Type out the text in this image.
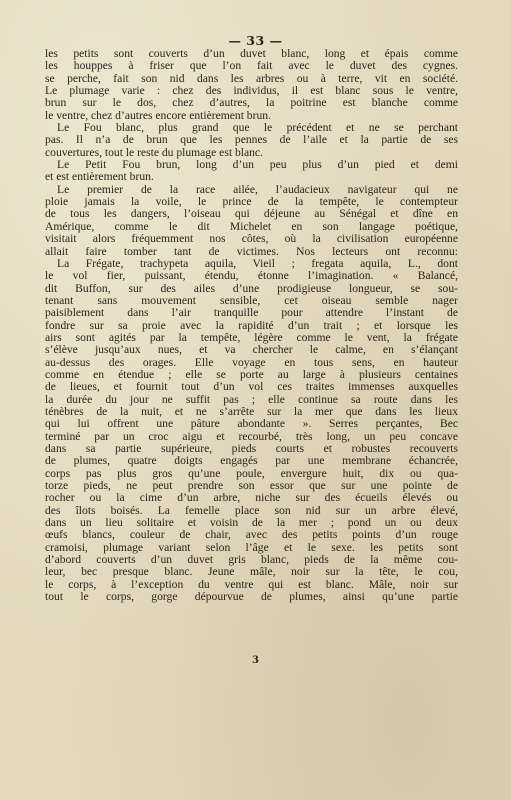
— 33 —
les petits sont couverts d’un duvet blanc, long et épais comme
les houppes à friser que l’on fait avec le duvet des cygnes.
se perche, fait son nid dans les arbres ou à terre, vit en société.
Le plumage varie : chez des individus, il est blanc sous le ventre,
brun sur le dos, chez d’autres, la poitrine est blanche comme
le ventre, chez d’autres encore entièrement brun.
Le Fou blanc, plus grand que le précédent et ne se perchant
pas. Il n’a de brun que les pennes de l’aile et la partie de ses
couvertures, tout le reste du plumage est blanc.
Le Petit Fou brun, long d’un peu plus d’un pied et demi
et est entièrement brun.
Le premier de la race ailée, l’audacieux navigateur qui ne
ploie jamais la voile, le prince de la tempête, le contempteur
de tous les dangers, l’oiseau qui déjeune au Sénégal et dîne en
Amérique, comme le dit Michelet en son langage poétique,
visitait alors fréquemment nos côtes, où la civilisation européenne
allait faire tomber tant de victimes. Nos lecteurs ont reconnu:
La Frégate, trachypeta aquila, Vieil ; fregata aquila, L., dont
le vol fier, puissant, étendu, étonne l’imagination. « Balancé,
dit Buffon, sur des ailes d’une prodigieuse longueur, se sou-
tenant sans mouvement sensible, cet oiseau semble nager
paisiblement dans l’air tranquille pour attendre l’instant de
fondre sur sa proie avec la rapidité d’un trait ; et lorsque les
airs sont agités par la tempête, légère comme le vent, la frégate
s’élève jusqu’aux nues, et va chercher le calme, en s’élançant
au-dessus des orages. Elle voyage en tous sens, en hauteur
comme en étendue ; elle se porte au large à plusieurs centaines
de lieues, et fournit tout d’un vol ces traites immenses auxquelles
la durée du jour ne suffit pas ; elle continue sa route dans les
ténèbres de la nuit, et ne s’arrête sur la mer que dans les lieux
qui lui offrent une pâture abondante ». Serres perçantes, Bec
terminé par un croc aigu et recourbé, très long, un peu concave
dans sa partie supérieure, pieds courts et robustes recouverts
de plumes, quatre doigts engagés par une membrane échancrée,
corps pas plus gros qu’une poule, envergure huit, dix ou qua-
torze pieds, ne peut prendre son essor que sur une pointe de
rocher ou la cime d’un arbre, niche sur des écueils élevés ou
des îlots boisés. La femelle place son nid sur un arbre élevé,
dans un lieu solitaire et voisin de la mer ; pond un ou deux
œufs blancs, couleur de chair, avec des petits points d’un rouge
cramoisi, plumage variant selon l’âge et le sexe. les petits sont
d’abord couverts d’un duvet gris blanc, pieds de la même cou-
leur, bec presque blanc. Jeune mâle, noir sur la tête, le cou,
le corps, à l’exception du ventre qui est blanc. Mâle, noir sur
tout le corps, gorge dépourvue de plumes, ainsi qu’une partie
3
